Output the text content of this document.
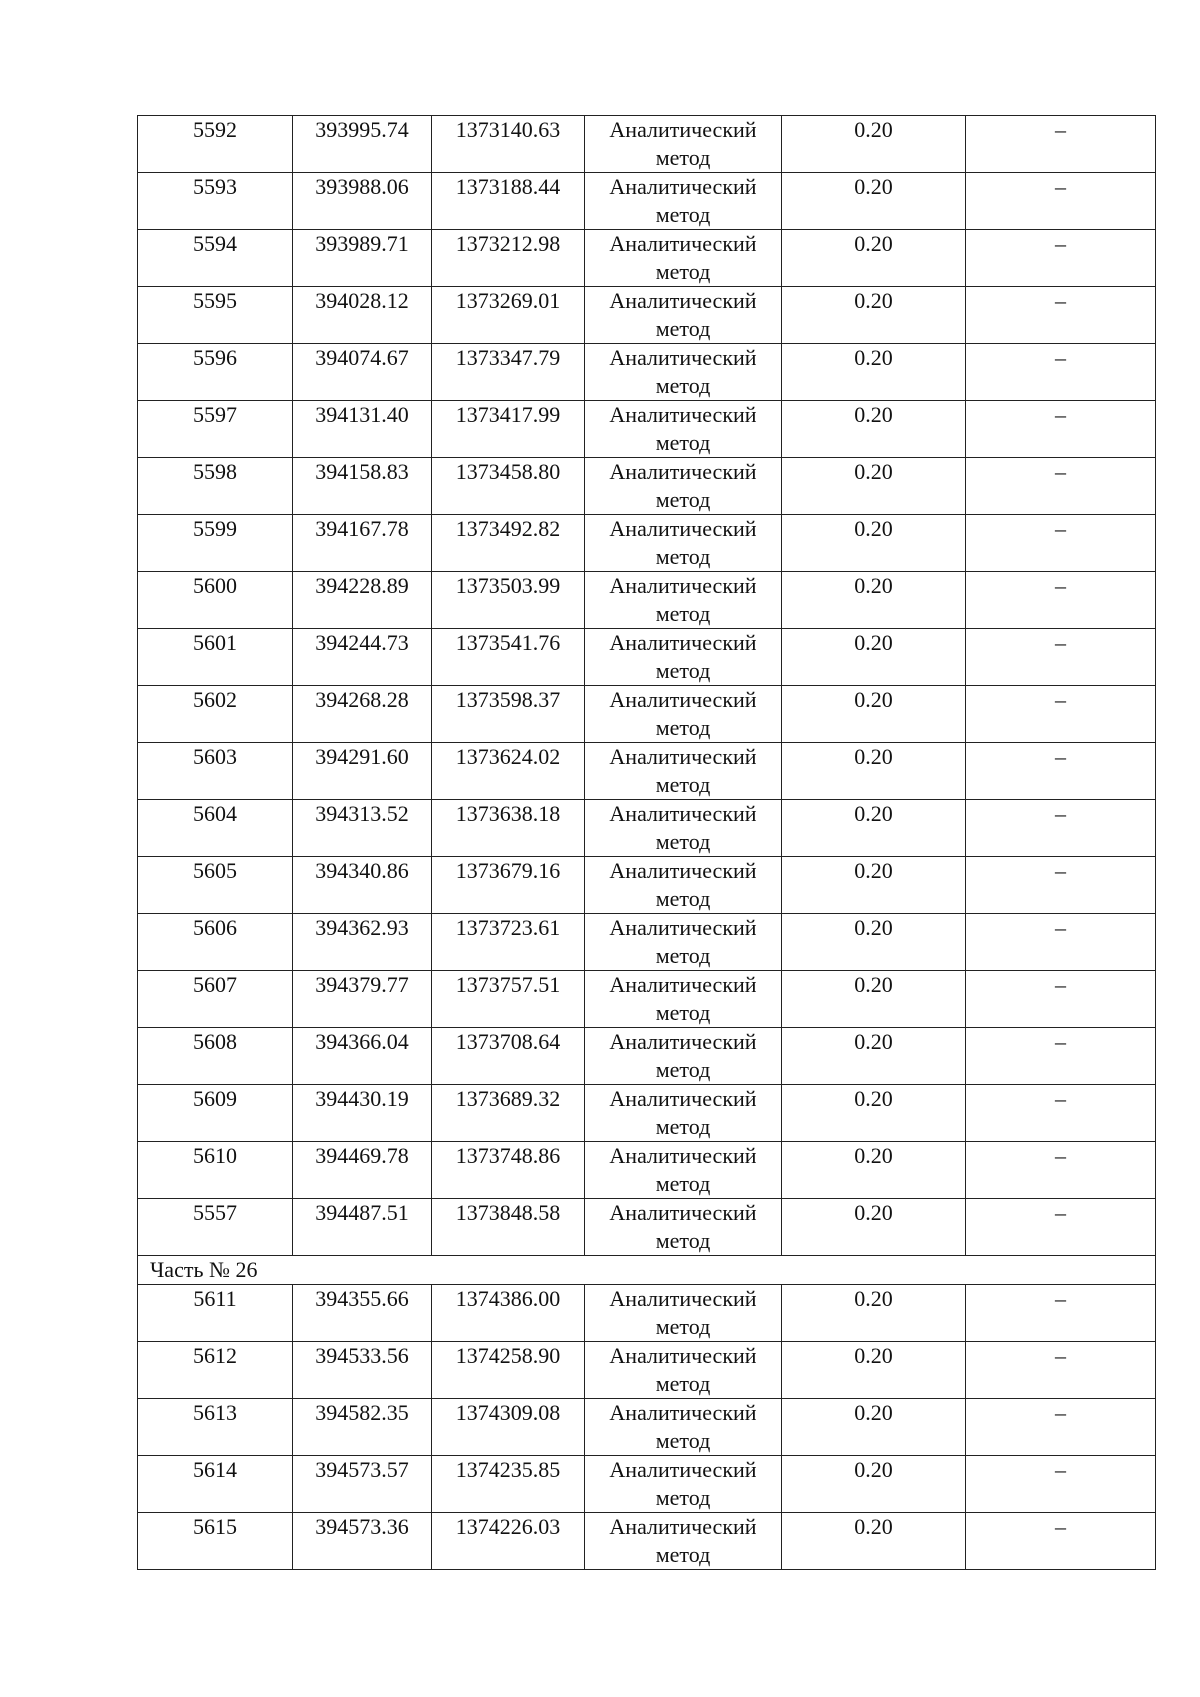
5592	393995.74	1373140.63	Аналитический метод	0.20	–
5593	393988.06	1373188.44	Аналитический метод	0.20	–
5594	393989.71	1373212.98	Аналитический метод	0.20	–
5595	394028.12	1373269.01	Аналитический метод	0.20	–
5596	394074.67	1373347.79	Аналитический метод	0.20	–
5597	394131.40	1373417.99	Аналитический метод	0.20	–
5598	394158.83	1373458.80	Аналитический метод	0.20	–
5599	394167.78	1373492.82	Аналитический метод	0.20	–
5600	394228.89	1373503.99	Аналитический метод	0.20	–
5601	394244.73	1373541.76	Аналитический метод	0.20	–
5602	394268.28	1373598.37	Аналитический метод	0.20	–
5603	394291.60	1373624.02	Аналитический метод	0.20	–
5604	394313.52	1373638.18	Аналитический метод	0.20	–
5605	394340.86	1373679.16	Аналитический метод	0.20	–
5606	394362.93	1373723.61	Аналитический метод	0.20	–
5607	394379.77	1373757.51	Аналитический метод	0.20	–
5608	394366.04	1373708.64	Аналитический метод	0.20	–
5609	394430.19	1373689.32	Аналитический метод	0.20	–
5610	394469.78	1373748.86	Аналитический метод	0.20	–
5557	394487.51	1373848.58	Аналитический метод	0.20	–
Часть № 26					
5611	394355.66	1374386.00	Аналитический метод	0.20	–
5612	394533.56	1374258.90	Аналитический метод	0.20	–
5613	394582.35	1374309.08	Аналитический метод	0.20	–
5614	394573.57	1374235.85	Аналитический метод	0.20	–
5615	394573.36	1374226.03	Аналитический метод	0.20	–
